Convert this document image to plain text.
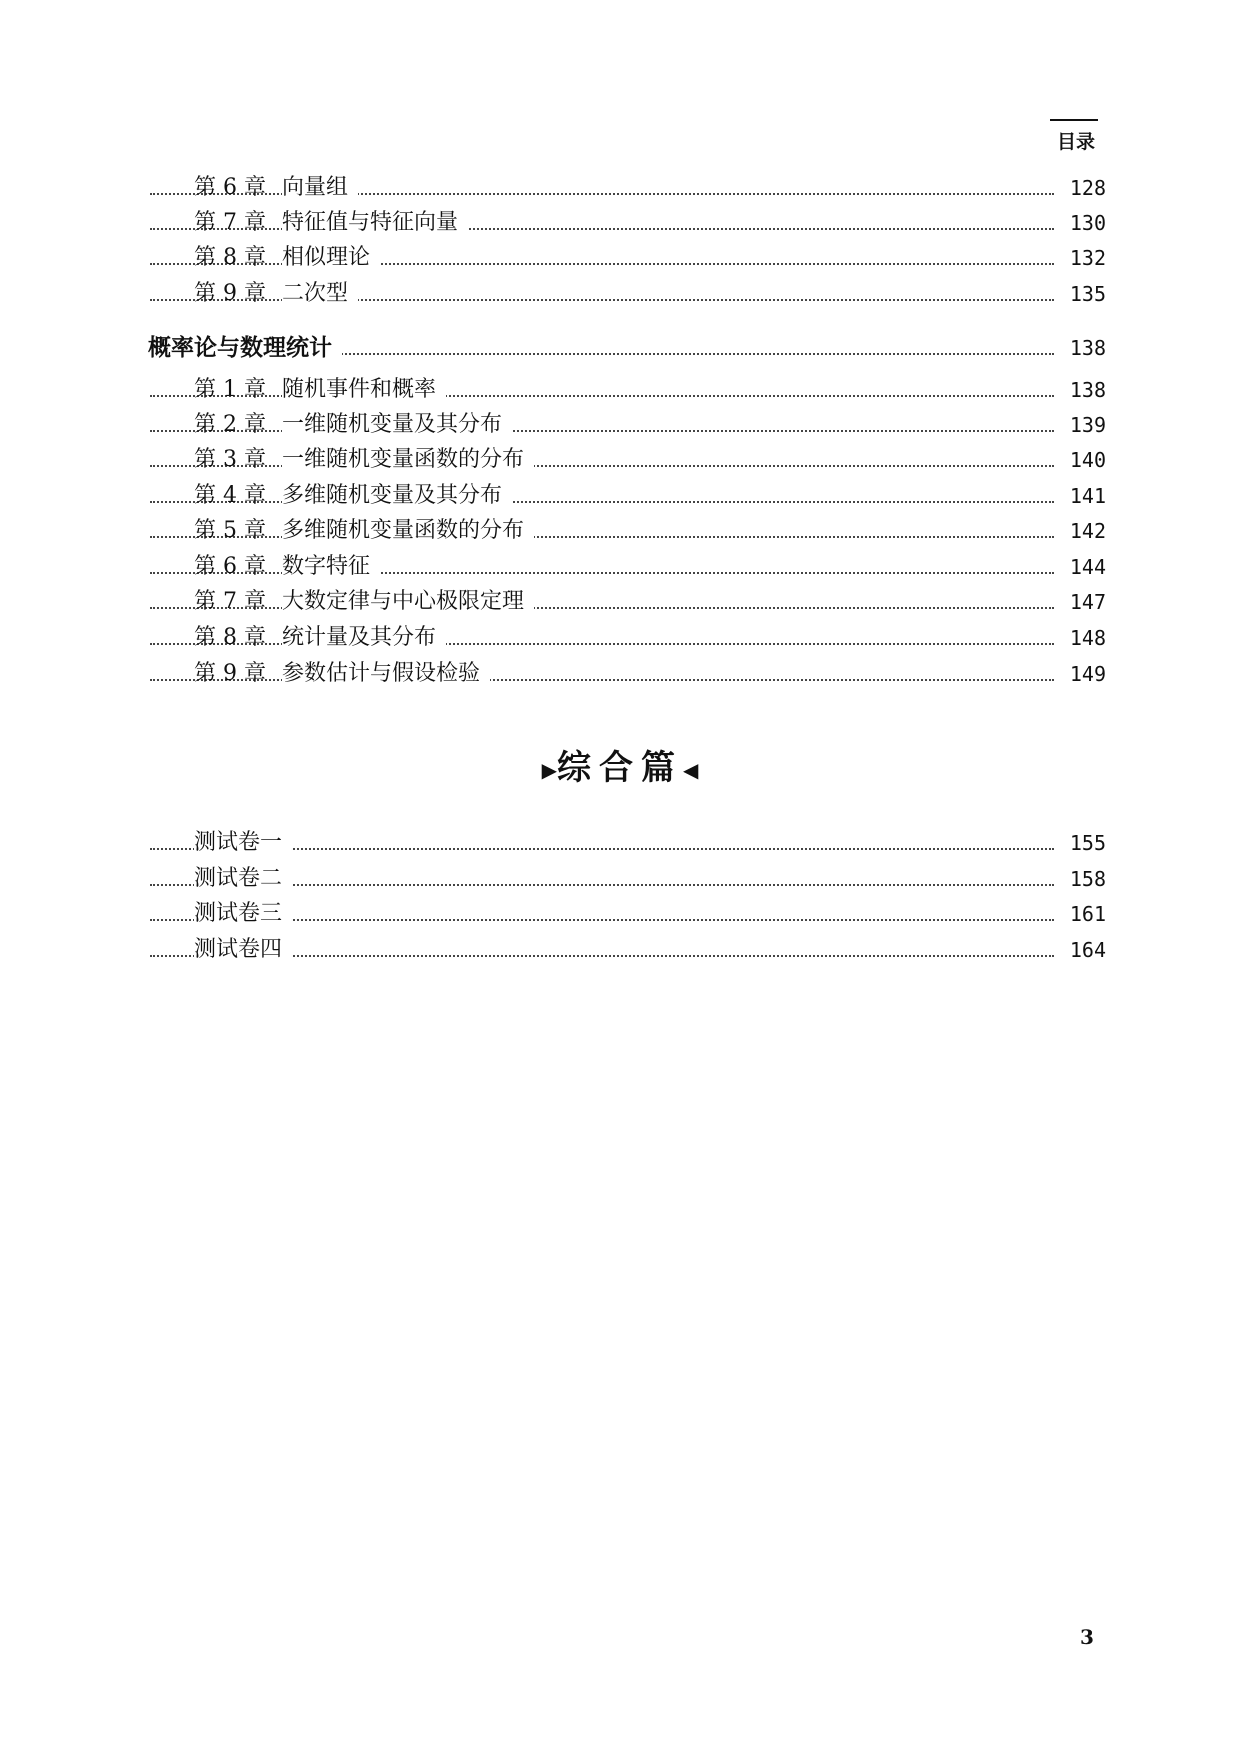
目录
第 6 章 向量组	128
第 7 章 特征值与特征向量	130
第 8 章 相似理论	132
第 9 章 二次型	135
概率论与数理统计	138
第 1 章 随机事件和概率	138
第 2 章 一维随机变量及其分布	139
第 3 章 一维随机变量函数的分布	140
第 4 章 多维随机变量及其分布	141
第 5 章 多维随机变量函数的分布	142
第 6 章 数字特征	144
第 7 章 大数定律与中心极限定理	147
第 8 章 统计量及其分布	148
第 9 章 参数估计与假设检验	149
▶综合篇◀
测试卷一	155
测试卷二	158
测试卷三	161
测试卷四	164
3
